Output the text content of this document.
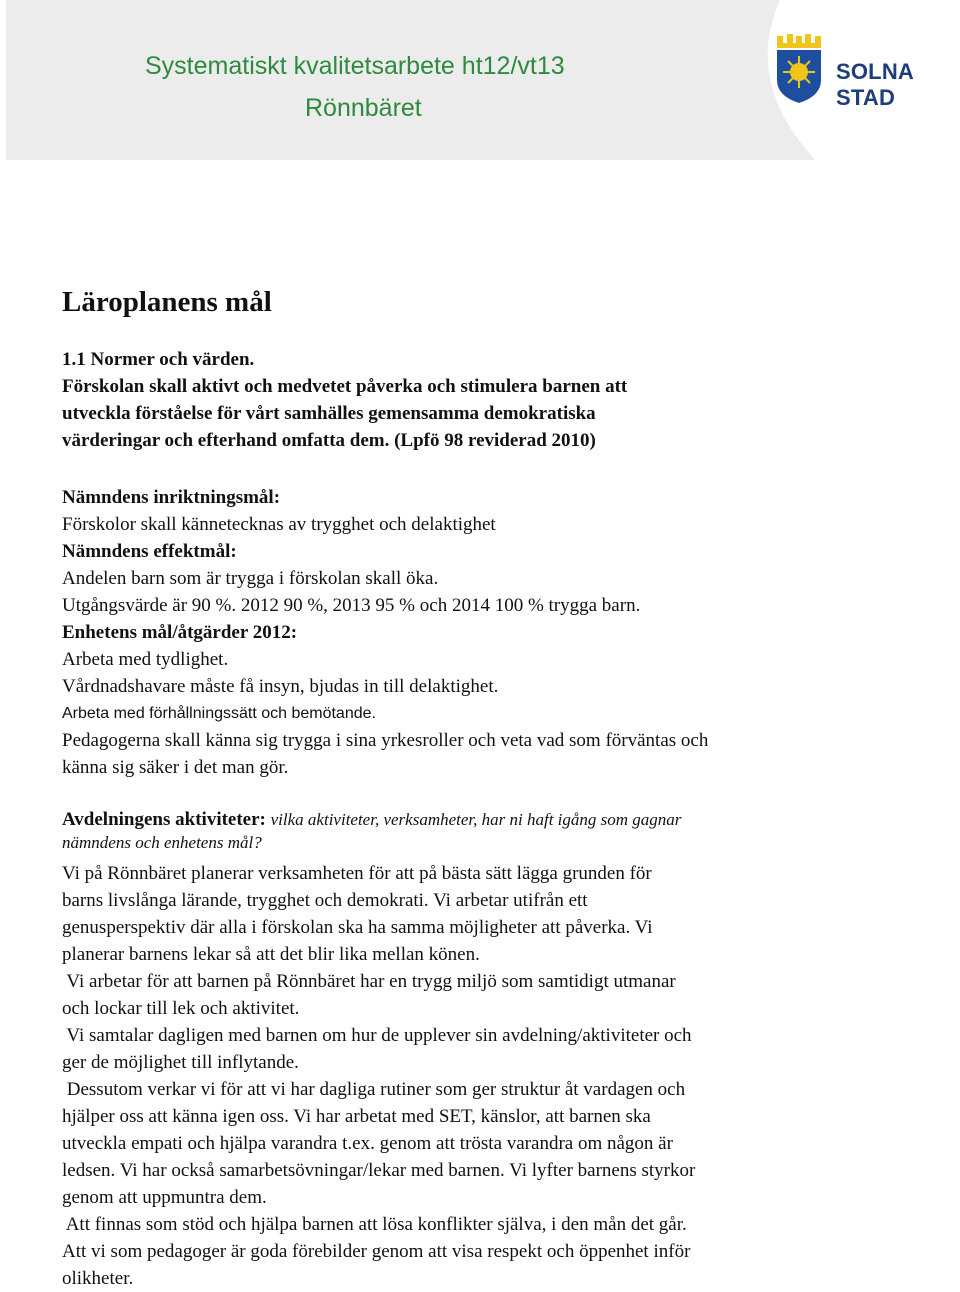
Systematiskt kvalitetsarbete ht12/vt13
Rönnbäret
SOLNA STAD
Läroplanens mål
1.1 Normer och värden.
Förskolan skall aktivt och medvetet påverka och stimulera barnen att
utveckla förståelse för vårt samhälles gemensamma demokratiska
värderingar och efterhand omfatta dem. (Lpfö 98 reviderad 2010)
Nämndens inriktningsmål:
Förskolor skall kännetecknas av trygghet och delaktighet
Nämndens effektmål:
Andelen barn som är trygga i förskolan skall öka.
Utgångsvärde är 90 %. 2012 90 %, 2013 95 % och 2014 100 % trygga barn.
Enhetens mål/åtgärder 2012:
Arbeta med tydlighet.
Vårdnadshavare måste få insyn, bjudas in till delaktighet.
Arbeta med förhållningssätt och bemötande.
Pedagogerna skall känna sig trygga i sina yrkesroller och veta vad som förväntas och
känna sig säker i det man gör.
Avdelningens aktiviteter: vilka aktiviteter, verksamheter, har ni haft igång som gagnar
nämndens och enhetens mål?
Vi på Rönnbäret planerar verksamheten för att på bästa sätt lägga grunden för
barns livslånga lärande, trygghet och demokrati. Vi arbetar utifrån ett
genusperspektiv där alla i förskolan ska ha samma möjligheter att påverka. Vi
planerar barnens lekar så att det blir lika mellan könen.
Vi arbetar för att barnen på Rönnbäret har en trygg miljö som samtidigt utmanar
och lockar till lek och aktivitet.
Vi samtalar dagligen med barnen om hur de upplever sin avdelning/aktiviteter och
ger de möjlighet till inflytande.
Dessutom verkar vi för att vi har dagliga rutiner som ger struktur åt vardagen och
hjälper oss att känna igen oss. Vi har arbetat med SET, känslor, att barnen ska
utveckla empati och hjälpa varandra t.ex. genom att trösta varandra om någon är
ledsen. Vi har också samarbetsövningar/lekar med barnen. Vi lyfter barnens styrkor
genom att uppmuntra dem.
Att finnas som stöd och hjälpa barnen att lösa konflikter själva, i den mån det går.
Att vi som pedagoger är goda förebilder genom att visa respekt och öppenhet inför
olikheter.
